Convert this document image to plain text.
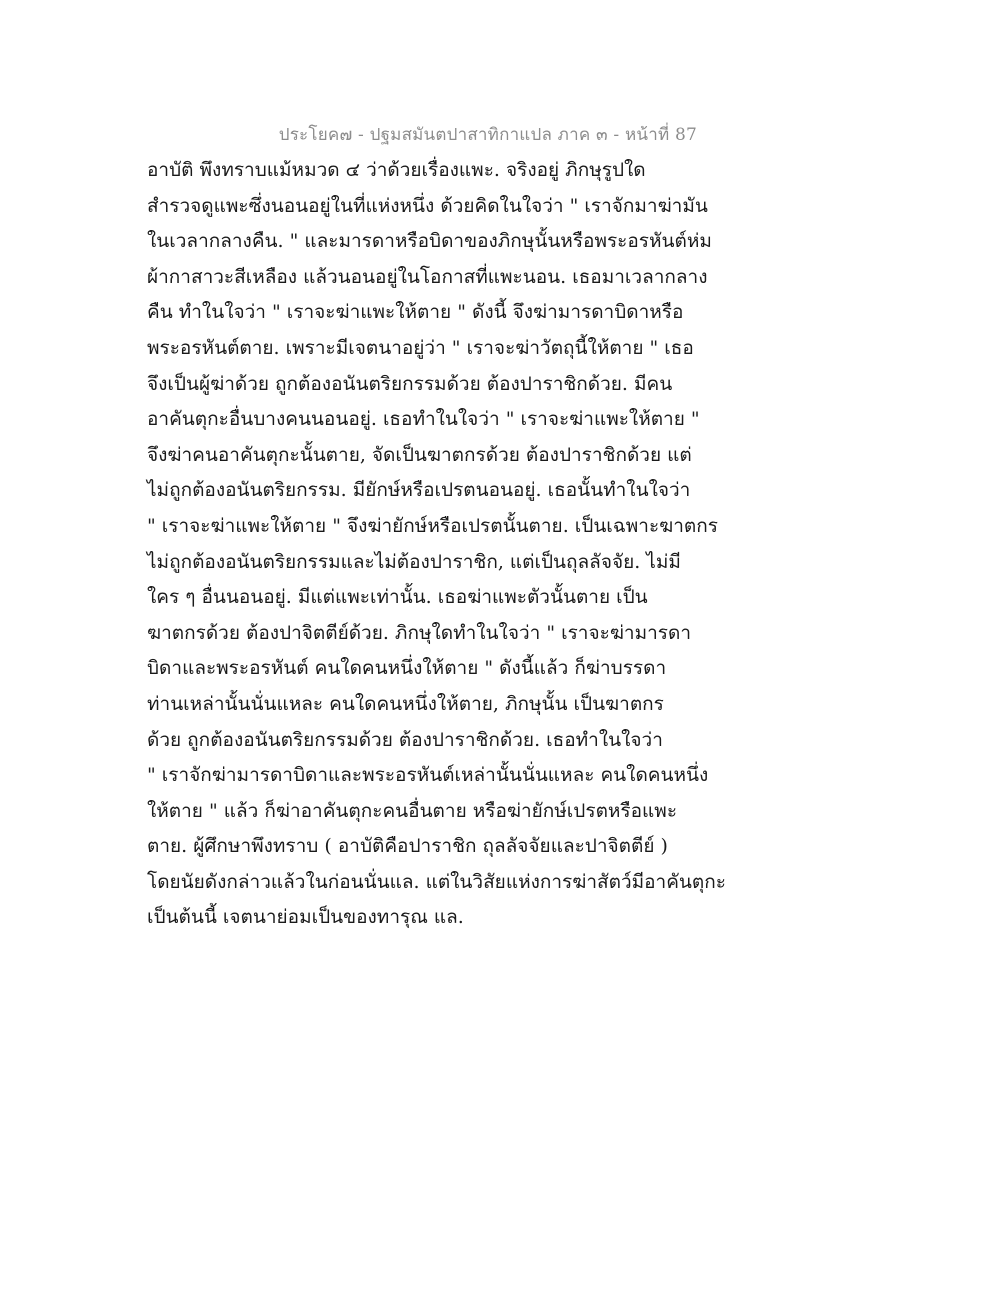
ประโยค๗ - ปฐมสมันตปาสาทิกาแปล ภาค ๓ - หน้าที่ 87
อาบัติ พึงทราบแม้หมวด ๔ ว่าด้วยเรื่องแพะ. จริงอยู่ ภิกษุรูปใด
สำรวจดูแพะซึ่งนอนอยู่ในที่แห่งหนึ่ง ด้วยคิดในใจว่า " เราจักมาฆ่ามัน
ในเวลากลางคืน. " และมารดาหรือบิดาของภิกษุนั้นหรือพระอรหันต์ห่ม
ผ้ากาสาวะสีเหลือง แล้วนอนอยู่ในโอกาสที่แพะนอน. เธอมาเวลากลาง
คืน ทำในใจว่า " เราจะฆ่าแพะให้ตาย " ดังนี้ จึงฆ่ามารดาบิดาหรือ
พระอรหันต์ตาย. เพราะมีเจตนาอยู่ว่า " เราจะฆ่าวัตถุนี้ให้ตาย " เธอ
จึงเป็นผู้ฆ่าด้วย ถูกต้องอนันตริยกรรมด้วย ต้องปาราชิกด้วย. มีคน
อาคันตุกะอื่นบางคนนอนอยู่. เธอทำในใจว่า " เราจะฆ่าแพะให้ตาย "
จึงฆ่าคนอาคันตุกะนั้นตาย, จัดเป็นฆาตกรด้วย ต้องปาราชิกด้วย แต่
ไม่ถูกต้องอนันตริยกรรม. มียักษ์หรือเปรตนอนอยู่. เธอนั้นทำในใจว่า
" เราจะฆ่าแพะให้ตาย " จึงฆ่ายักษ์หรือเปรตนั้นตาย. เป็นเฉพาะฆาตกร
ไม่ถูกต้องอนันตริยกรรมและไม่ต้องปาราชิก, แต่เป็นถุลลัจจัย. ไม่มี
ใคร ๆ อื่นนอนอยู่. มีแต่แพะเท่านั้น. เธอฆ่าแพะตัวนั้นตาย เป็น
ฆาตกรด้วย ต้องปาจิตตีย์ด้วย. ภิกษุใดทำในใจว่า " เราจะฆ่ามารดา
บิดาและพระอรหันต์ คนใดคนหนึ่งให้ตาย " ดังนี้แล้ว ก็ฆ่าบรรดา
ท่านเหล่านั้นนั่นแหละ คนใดคนหนึ่งให้ตาย, ภิกษุนั้น เป็นฆาตกร
ด้วย ถูกต้องอนันตริยกรรมด้วย ต้องปาราชิกด้วย. เธอทำในใจว่า
" เราจักฆ่ามารดาบิดาและพระอรหันต์เหล่านั้นนั่นแหละ คนใดคนหนึ่ง
ให้ตาย " แล้ว ก็ฆ่าอาคันตุกะคนอื่นตาย หรือฆ่ายักษ์เปรตหรือแพะ
ตาย. ผู้ศึกษาพึงทราบ ( อาบัติคือปาราชิก ถุลลัจจัยและปาจิตตีย์ )
โดยนัยดังกล่าวแล้วในก่อนนั่นแล. แต่ในวิสัยแห่งการฆ่าสัตว์มีอาคันตุกะ
เป็นต้นนี้ เจตนาย่อมเป็นของทารุณ แล.
